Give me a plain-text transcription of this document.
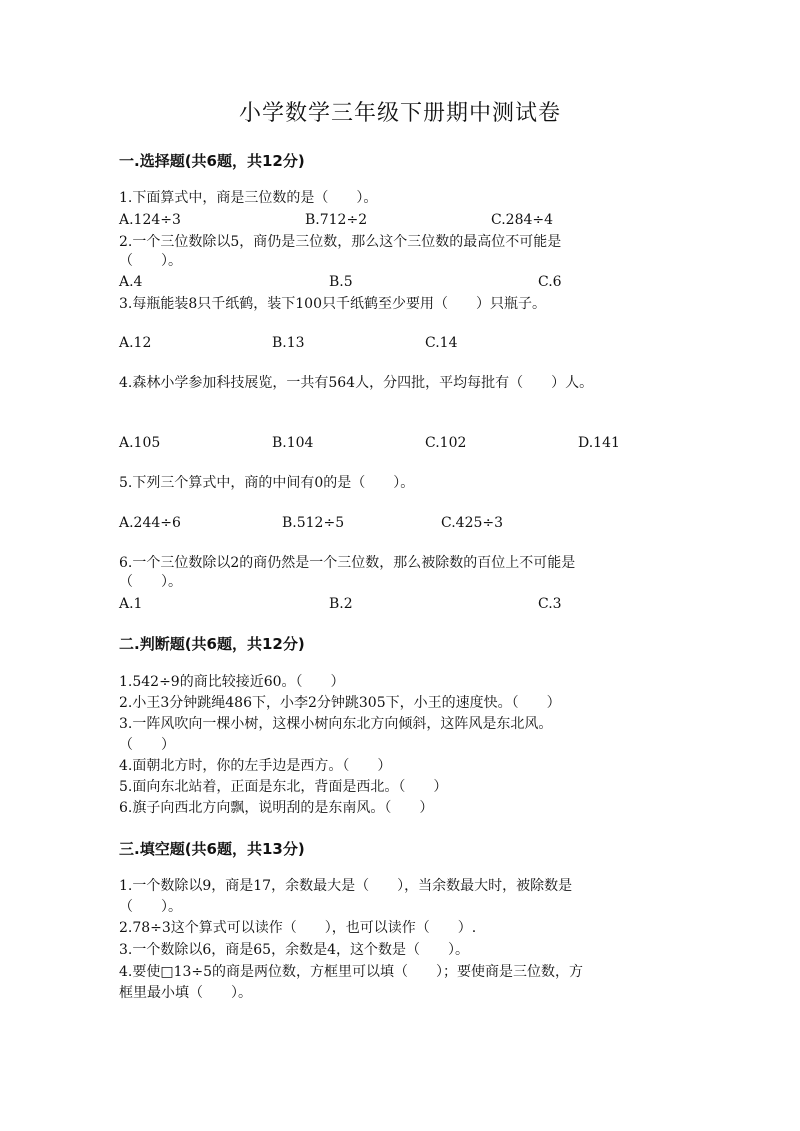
小学数学三年级下册期中测试卷
一.选择题(共6题，共12分)
1.下面算式中，商是三位数的是（　　）。
A.124÷3	B.712÷2	C.284÷4
2.一个三位数除以5，商仍是三位数，那么这个三位数的最高位不可能是
（　　）。
A.4	B.5	C.6
3.每瓶能装8只千纸鹤，装下100只千纸鹤至少要用（　　）只瓶子。
A.12	B.13	C.14
4.森林小学参加科技展览，一共有564人，分四批，平均每批有（　　）人。
A.105	B.104	C.102	D.141
5.下列三个算式中，商的中间有0的是（　　）。
A.244÷6	B.512÷5	C.425÷3
6.一个三位数除以2的商仍然是一个三位数，那么被除数的百位上不可能是
（　　）。
A.1	B.2	C.3
二.判断题(共6题，共12分)
1.542÷9的商比较接近60。（　　）
2.小王3分钟跳绳486下，小李2分钟跳305下，小王的速度快。（　　）
3.一阵风吹向一棵小树，这棵小树向东北方向倾斜，这阵风是东北风。
（　　）
4.面朝北方时，你的左手边是西方。（　　）
5.面向东北站着，正面是东北，背面是西北。（　　）
6.旗子向西北方向飘，说明刮的是东南风。（　　）
三.填空题(共6题，共13分)
1.一个数除以9，商是17，余数最大是（　　），当余数最大时，被除数是
（　　）。
2.78÷3这个算式可以读作（　　），也可以读作（　　）.
3.一个数除以6，商是65，余数是4，这个数是（　　）。
4.要使□13÷5的商是两位数，方框里可以填（　　）；要使商是三位数，方
框里最小填（　　）。
